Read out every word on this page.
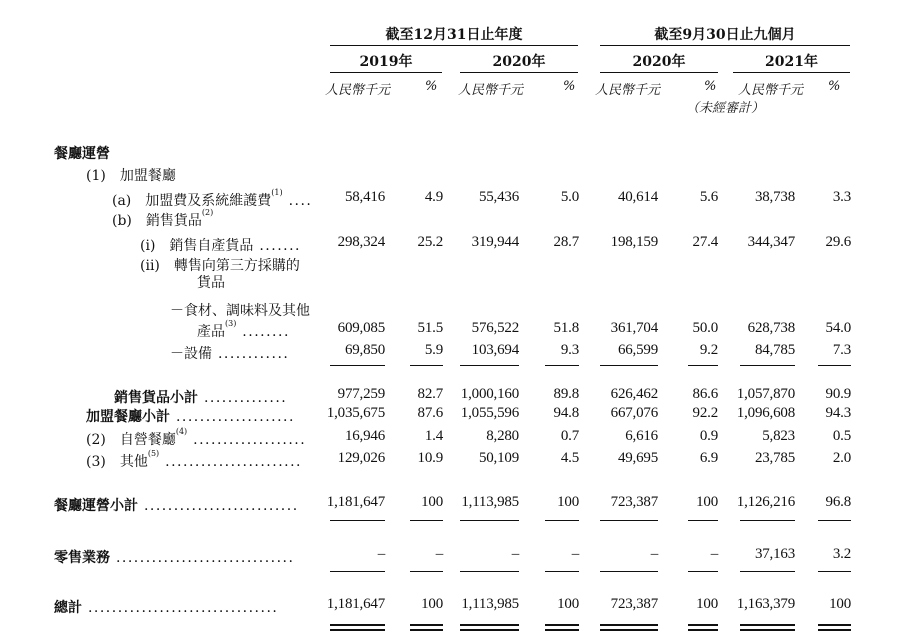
截至12月31日止年度	截至9月30日止九個月
2019年	2020年	2020年	2021年
人民幣千元	% 人民幣千元	% 人民幣千元	% 人民幣千元 %
（未經審計）
餐廳運營
(1)　加盟餐廳
(a)　加盟費及系統維護費$^{(1)}$ ....	58,416	4.9	55,436	5.0	40,614	5.6	38,738	3.3
(b)　銷售貨品$^{(2)}$
(i)　銷售自產貨品 .......	298,324	25.2	319,944	28.7	198,159	27.4	344,347	29.6
(ii)　轉售向第三方採購的
貨品
－食材、調味料及其他
產品$^{(3)}$ ........	609,085	51.5	576,522	51.8	361,704	50.0	628,738	54.0
－設備 ............	69,850	5.9	103,694	9.3	66,599	9.2	84,785	7.3
銷售貨品小計 ..............	977,259	82.7	1,000,160	89.8	626,462	86.6	1,057,870	90.9
加盟餐廳小計 ....................	1,035,675	87.6	1,055,596	94.8	667,076	92.2	1,096,608	94.3
(2)　自營餐廳$^{(4)}$ ...................	16,946	1.4	8,280	0.7	6,616	0.9	5,823	0.5
(3)　其他$^{(5)}$ .......................	129,026	10.9	50,109	4.5	49,695	6.9	23,785	2.0
餐廳運營小計 ..........................	1,181,647	100	1,113,985	100	723,387	100	1,126,216	96.8
零售業務 ..............................	–	–	–	–	–	–	37,163	3.2
總計 ................................	1,181,647	100	1,113,985	100	723,387	100	1,163,379	100
